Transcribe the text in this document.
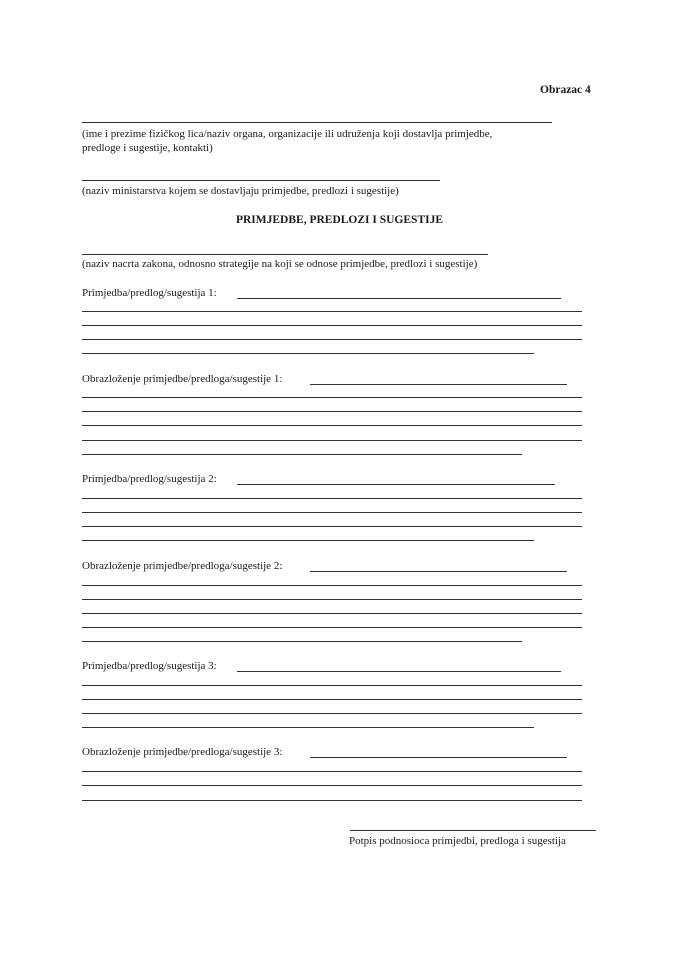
Obrazac 4
(ime i prezime fizičkog lica/naziv organa, organizacije ili udruženja koji dostavlja primjedbe,
predloge i sugestije, kontakti)
(naziv ministarstva kojem se dostavljaju primjedbe, predlozi i sugestije)
PRIMJEDBE, PREDLOZI I SUGESTIJE
(naziv nacrta zakona, odnosno strategije na koji se odnose primjedbe, predlozi i sugestije)
Primjedba/predlog/sugestija 1:
Obrazloženje primjedbe/predloga/sugestije 1:
Primjedba/predlog/sugestija 2:
Obrazloženje primjedbe/predloga/sugestije 2:
Primjedba/predlog/sugestija 3:
Obrazloženje primjedbe/predloga/sugestije 3:
Potpis podnosioca primjedbi, predloga i sugestija
